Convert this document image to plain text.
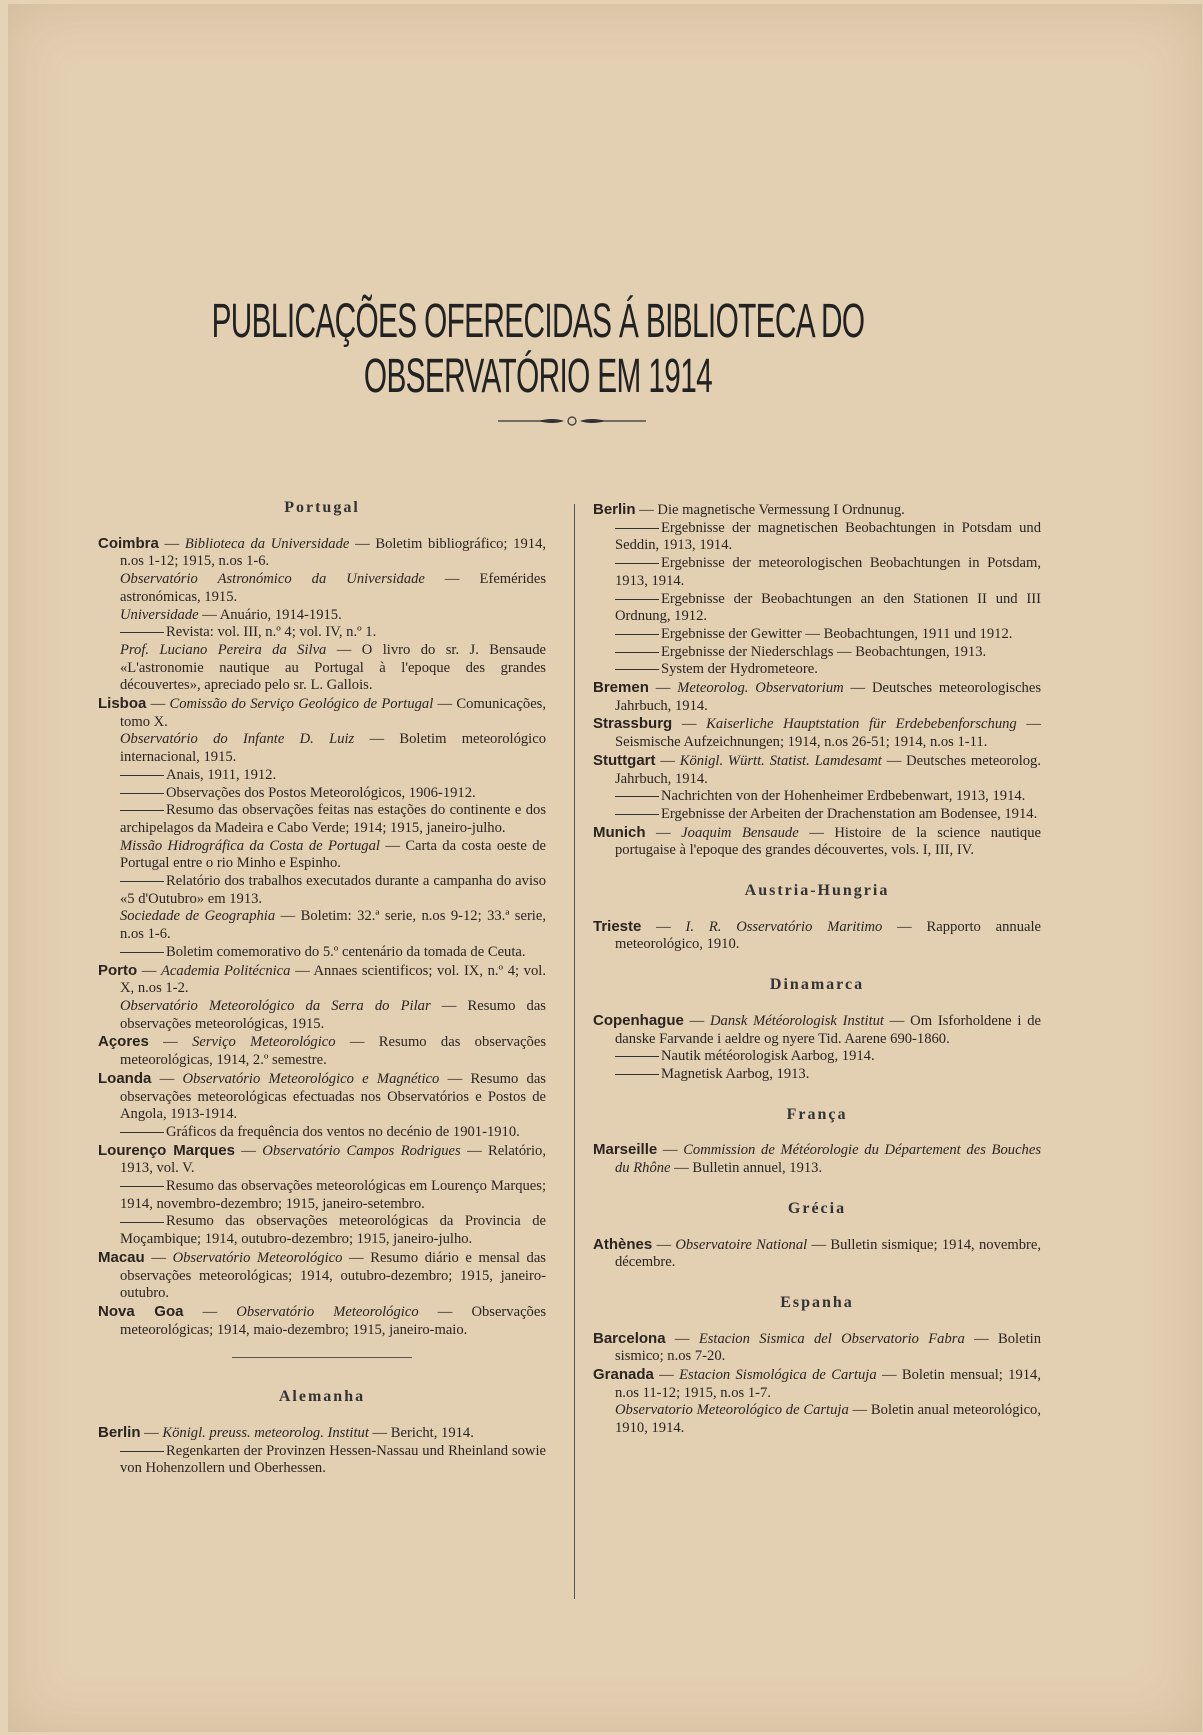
PUBLICAÇÕES OFERECIDAS Á BIBLIOTECA DO OBSERVATÓRIO EM 1914
Portugal

Coimbra — Biblioteca da Universidade — Boletim bibliográfico; 1914, n.os 1-12; 1915, n.os 1-6.

Observatório Astronómico da Universidade — Efemérides astronómicas, 1915.

Universidade — Anuário, 1914-1915.

Revista: vol. III, n.º 4; vol. IV, n.º 1.

Prof. Luciano Pereira da Silva — O livro do sr. J. Bensaude «L'astronomie nautique au Portugal à l'epoque des grandes découvertes», apreciado pelo sr. L. Gallois.

Lisboa — Comissão do Serviço Geológico de Portugal — Comunicações, tomo X.

Observatório do Infante D. Luiz — Boletim meteorológico internacional, 1915.

Anais, 1911, 1912.

Observações dos Postos Meteorológicos, 1906-1912.

Resumo das observações feitas nas estações do continente e dos archipelagos da Madeira e Cabo Verde; 1914; 1915, janeiro-julho.

Missão Hidrográfica da Costa de Portugal — Carta da costa oeste de Portugal entre o rio Minho e Espinho.

Relatório dos trabalhos executados durante a campanha do aviso «5 d'Outubro» em 1913.

Sociedade de Geographia — Boletim: 32.ª serie, n.os 9-12; 33.ª serie, n.os 1-6.

Boletim comemorativo do 5.º centenário da tomada de Ceuta.

Porto — Academia Politécnica — Annaes scientificos; vol. IX, n.º 4; vol. X, n.os 1-2.

Observatório Meteorológico da Serra do Pilar — Resumo das observações meteorológicas, 1915.

Açores — Serviço Meteorológico — Resumo das observações meteorológicas, 1914, 2.º semestre.

Loanda — Observatório Meteorológico e Magnético — Resumo das observações meteorológicas efectuadas nos Observatórios e Postos de Angola, 1913-1914.

Gráficos da frequência dos ventos no decénio de 1901-1910.

Lourenço Marques — Observatório Campos Rodrigues — Relatório, 1913, vol. V.

Resumo das observações meteorológicas em Lourenço Marques; 1914, novembro-dezembro; 1915, janeiro-setembro.

Resumo das observações meteorológicas da Provincia de Moçambique; 1914, outubro-dezembro; 1915, janeiro-julho.

Macau — Observatório Meteorológico — Resumo diário e mensal das observações meteorológicas; 1914, outubro-dezembro; 1915, janeiro-outubro.

Nova Goa — Observatório Meteorológico — Observações meteorológicas; 1914, maio-dezembro; 1915, janeiro-maio.

Alemanha

Berlin — Königl. preuss. meteorolog. Institut — Bericht, 1914.

Regenkarten der Provinzen Hessen-Nassau und Rheinland sowie von Hohenzollern und Oberhessen.

Berlin — Die magnetische Vermessung I Ordnunug.

Ergebnisse der magnetischen Beobachtungen in Potsdam und Seddin, 1913, 1914.

Ergebnisse der meteorologischen Beobachtungen in Potsdam, 1913, 1914.

Ergebnisse der Beobachtungen an den Stationen II und III Ordnung, 1912.

Ergebnisse der Gewitter — Beobachtungen, 1911 und 1912.

Ergebnisse der Niederschlags — Beobachtungen, 1913.

System der Hydrometeore.

Bremen — Meteorolog. Observatorium — Deutsches meteorologisches Jahrbuch, 1914.

Strassburg — Kaiserliche Hauptstation für Erdebebenforschung — Seismische Aufzeichnungen; 1914, n.os 26-51; 1914, n.os 1-11.

Stuttgart — Königl. Württ. Statist. Lamdesamt — Deutsches meteorolog. Jahrbuch, 1914.

Nachrichten von der Hohenheimer Erdbebenwart, 1913, 1914.

Ergebnisse der Arbeiten der Drachenstation am Bodensee, 1914.

Munich — Joaquim Bensaude — Histoire de la science nautique portugaise à l'epoque des grandes découvertes, vols. I, III, IV.

Austria-Hungria

Trieste — I. R. Osservatório Maritimo — Rapporto annuale meteorológico, 1910.

Dinamarca

Copenhague — Dansk Météorologisk Institut — Om Isforholdene i de danske Farvande i aeldre og nyere Tid. Aarene 690-1860.

Nautik météorologisk Aarbog, 1914.

Magnetisk Aarbog, 1913.

França

Marseille — Commission de Météorologie du Département des Bouches du Rhône — Bulletin annuel, 1913.

Grécia

Athènes — Observatoire National — Bulletin sismique; 1914, novembre, décembre.

Espanha

Barcelona — Estacion Sismica del Observatorio Fabra — Boletin sismico; n.os 7-20.

Granada — Estacion Sismológica de Cartuja — Boletin mensual; 1914, n.os 11-12; 1915, n.os 1-7.

Observatorio Meteorológico de Cartuja — Boletin anual meteorológico, 1910, 1914.
